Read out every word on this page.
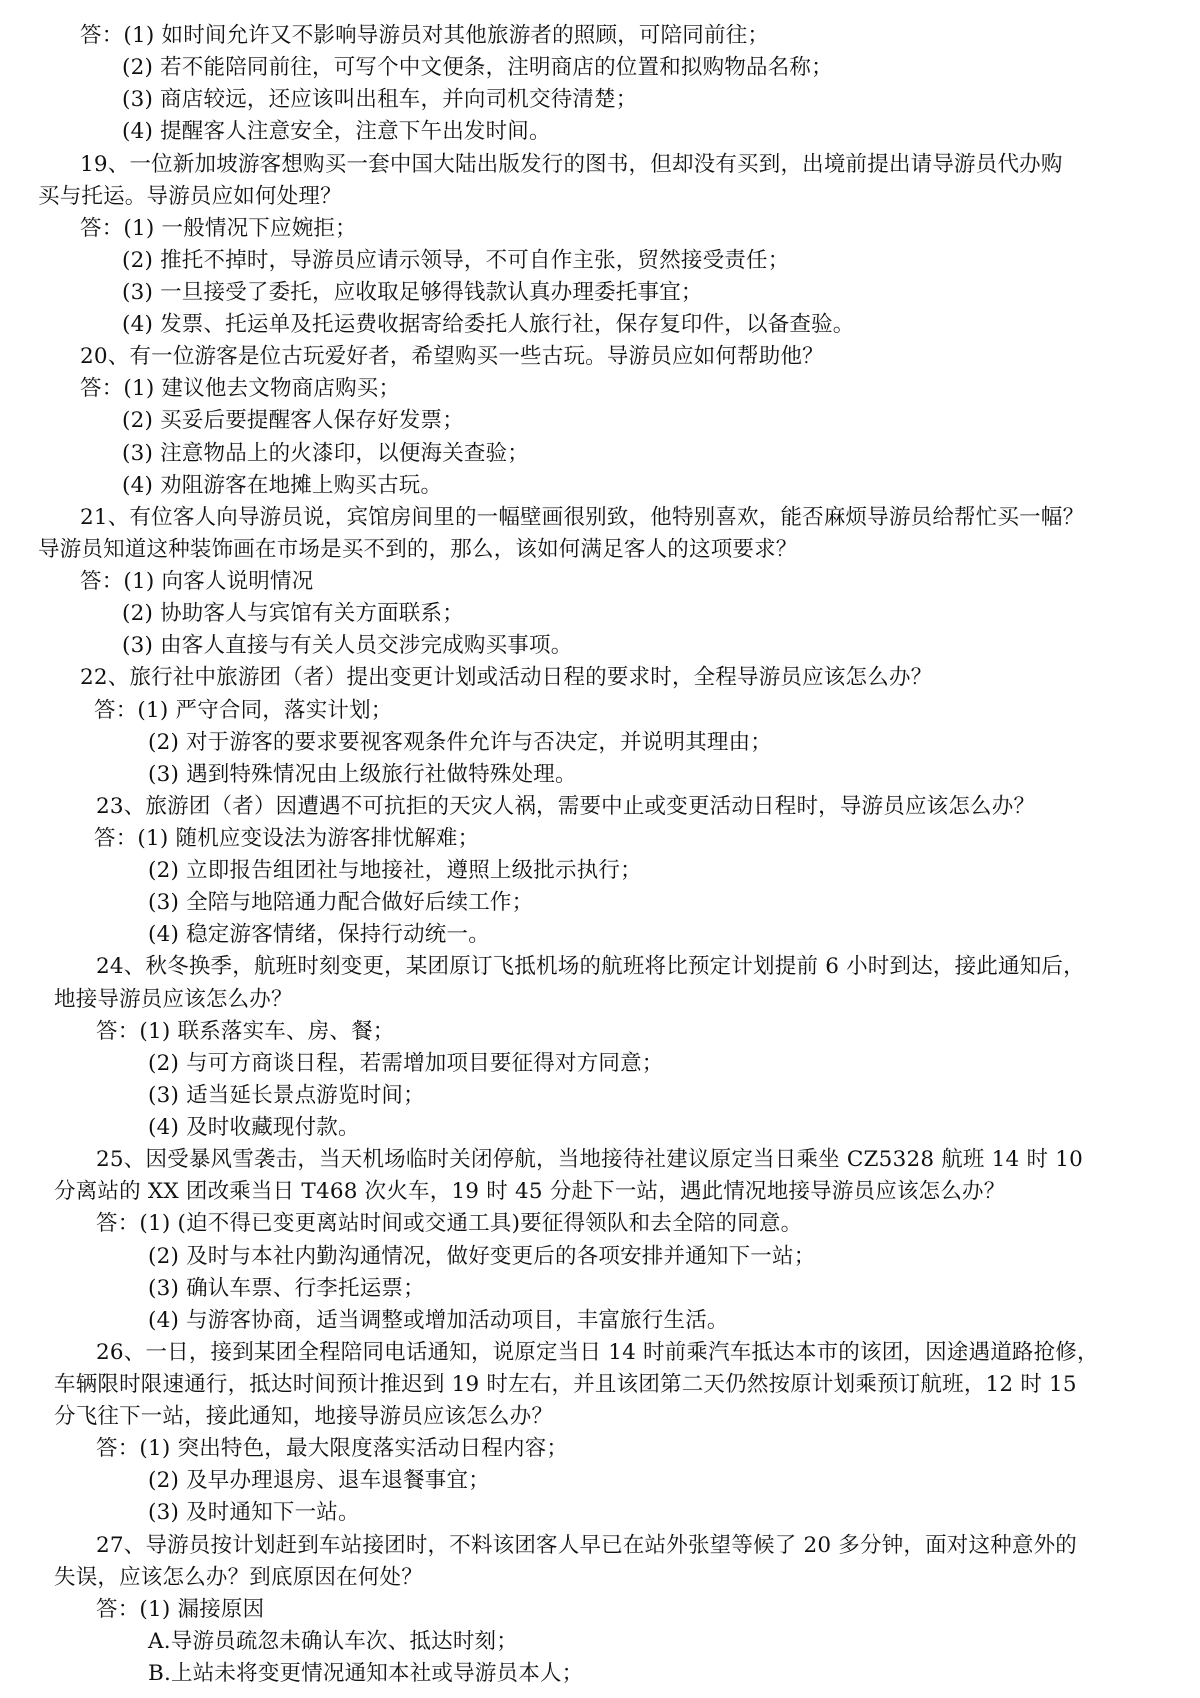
答：(1) 如时间允许又不影响导游员对其他旅游者的照顾，可陪同前往；
(2) 若不能陪同前往，可写个中文便条，注明商店的位置和拟购物品名称；
(3) 商店较远，还应该叫出租车，并向司机交待清楚；
(4) 提醒客人注意安全，注意下午出发时间。
19、一位新加坡游客想购买一套中国大陆出版发行的图书，但却没有买到，出境前提出请导游员代办购
买与托运。导游员应如何处理？
答：(1) 一般情况下应婉拒；
(2) 推托不掉时，导游员应请示领导，不可自作主张，贸然接受责任；
(3) 一旦接受了委托，应收取足够得钱款认真办理委托事宜；
(4) 发票、托运单及托运费收据寄给委托人旅行社，保存复印件，以备查验。
20、有一位游客是位古玩爱好者，希望购买一些古玩。导游员应如何帮助他？
答：(1) 建议他去文物商店购买；
(2) 买妥后要提醒客人保存好发票；
(3) 注意物品上的火漆印，以便海关查验；
(4) 劝阻游客在地摊上购买古玩。
21、有位客人向导游员说，宾馆房间里的一幅壁画很别致，他特别喜欢，能否麻烦导游员给帮忙买一幅？
导游员知道这种装饰画在市场是买不到的，那么，该如何满足客人的这项要求？
答：(1) 向客人说明情况
(2) 协助客人与宾馆有关方面联系；
(3) 由客人直接与有关人员交涉完成购买事项。
22、旅行社中旅游团（者）提出变更计划或活动日程的要求时，全程导游员应该怎么办？
答：(1) 严守合同，落实计划；
(2) 对于游客的要求要视客观条件允许与否决定，并说明其理由；
(3) 遇到特殊情况由上级旅行社做特殊处理。
23、旅游团（者）因遭遇不可抗拒的天灾人祸，需要中止或变更活动日程时，导游员应该怎么办？
答：(1) 随机应变设法为游客排忧解难；
(2) 立即报告组团社与地接社，遵照上级批示执行；
(3) 全陪与地陪通力配合做好后续工作；
(4) 稳定游客情绪，保持行动统一。
24、秋冬换季，航班时刻变更，某团原订飞抵机场的航班将比预定计划提前 6 小时到达，接此通知后，
地接导游员应该怎么办？
答：(1) 联系落实车、房、餐；
(2) 与可方商谈日程，若需增加项目要征得对方同意；
(3) 适当延长景点游览时间；
(4) 及时收藏现付款。
25、因受暴风雪袭击，当天机场临时关闭停航，当地接待社建议原定当日乘坐 CZ5328 航班 14 时 10
分离站的 XX 团改乘当日 T468 次火车，19 时 45 分赴下一站，遇此情况地接导游员应该怎么办？
答：(1) (迫不得已变更离站时间或交通工具)要征得领队和去全陪的同意。
(2) 及时与本社内勤沟通情况，做好变更后的各项安排并通知下一站；
(3) 确认车票、行李托运票；
(4) 与游客协商，适当调整或增加活动项目，丰富旅行生活。
26、一日，接到某团全程陪同电话通知，说原定当日 14 时前乘汽车抵达本市的该团，因途遇道路抢修，
车辆限时限速通行，抵达时间预计推迟到 19 时左右，并且该团第二天仍然按原计划乘预订航班，12 时 15
分飞往下一站，接此通知，地接导游员应该怎么办？
答：(1) 突出特色，最大限度落实活动日程内容；
(2) 及早办理退房、退车退餐事宜；
(3) 及时通知下一站。
27、导游员按计划赶到车站接团时，不料该团客人早已在站外张望等候了 20 多分钟，面对这种意外的
失误，应该怎么办？到底原因在何处？
答：(1) 漏接原因
A.导游员疏忽未确认车次、抵达时刻；
B.上站未将变更情况通知本社或导游员本人；
